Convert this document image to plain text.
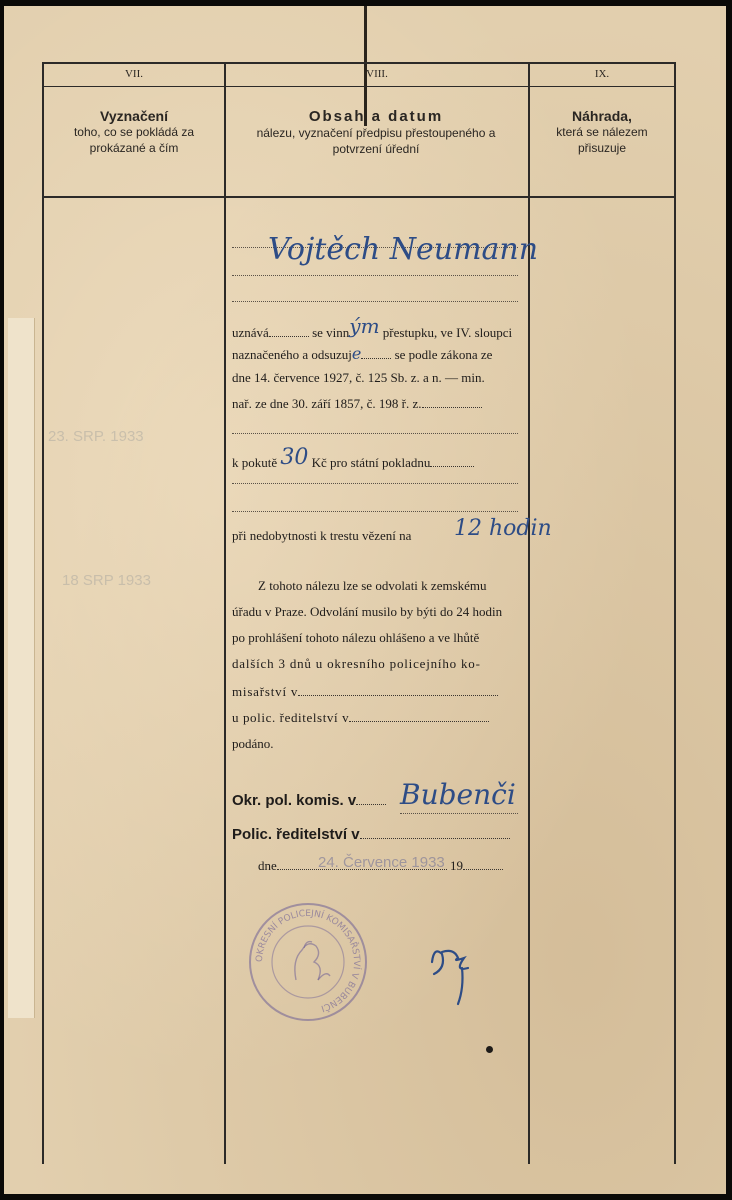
23. SRP. 1933
18 SRP 1933
VII.	VIII.	IX.
Vyznačení
toho, co se pokládá za prokázané a čím
Obsah a datum
nálezu, vyznačení předpisu přestoupeného a potvrzení úřední
Náhrada,
která se nálezem přisuzuje
Vojtěch Neumann
uznává	se vinným přestupku, ve IV. sloupci
naznačeného a odsuzuje	se podle zákona ze
dne 14. července 1927, č. 125 Sb. z. a n. — min.
nař. ze dne 30. září 1857, č. 198 ř. z.
k pokutě 30 Kč pro státní pokladnu
při nedobytnosti k trestu vězení na 12 hodin
Z tohoto nálezu lze se odvolati k zemskému
úřadu v Praze. Odvolání musilo by býti do 24 hodin
po prohlášení tohoto nálezu ohlášeno a ve lhůtě
dalších 3 dnů u okresního policejního ko-
misařství v
u polic. ředitelství v
podáno.
Okr. pol. komis. v	Bubenči
Polic. ředitelství v
dne	19
24. Července 1933
OKRESNÍ POLICEJNÍ KOMISAŘSTVÍ V BUBENČI
